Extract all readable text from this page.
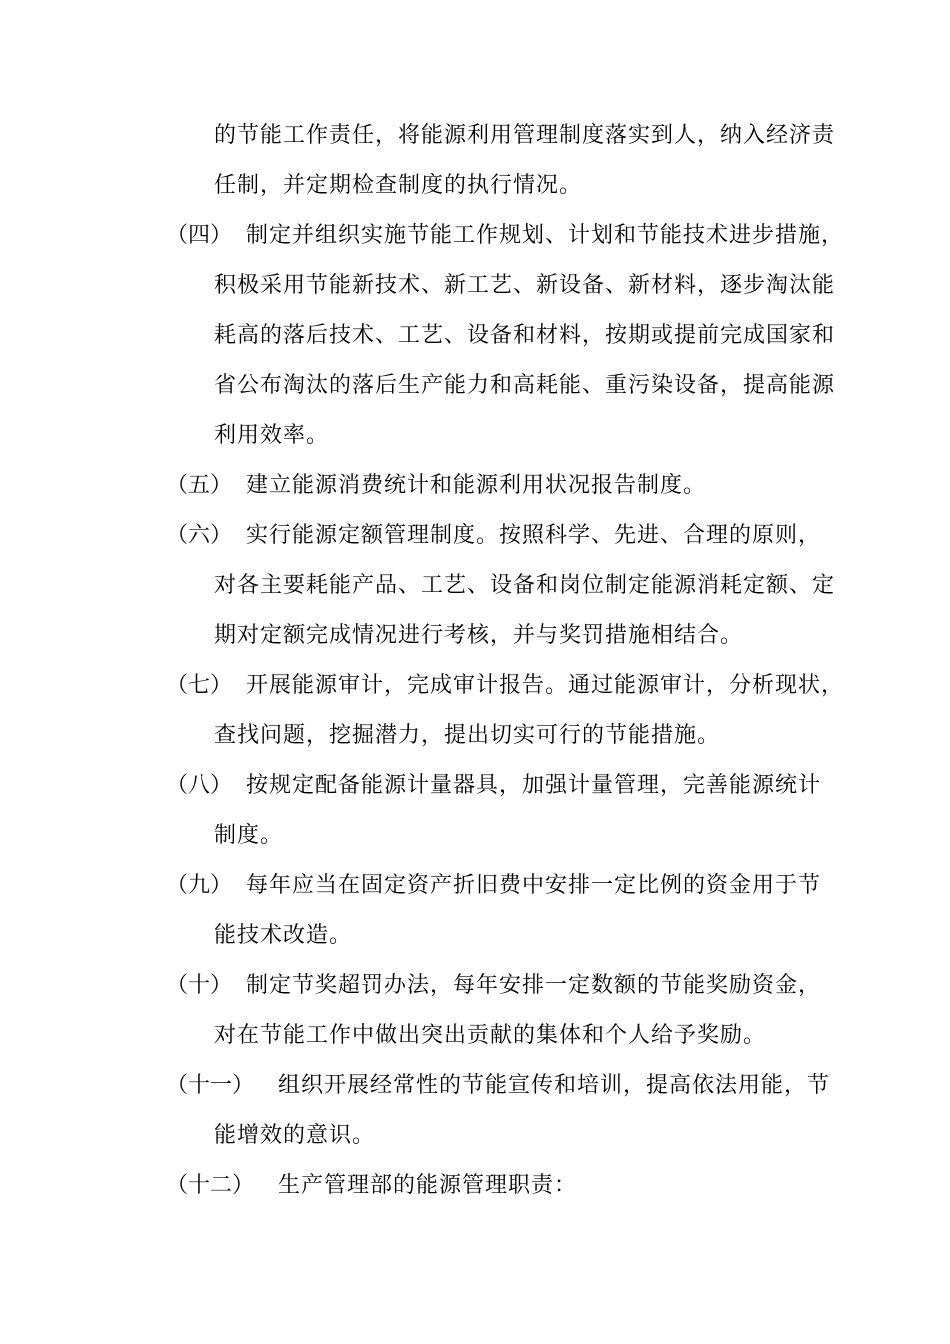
的节能工作责任，将能源利用管理制度落实到人，纳入经济责
任制，并定期检查制度的执行情况。
（四） 制定并组织实施节能工作规划、计划和节能技术进步措施，
积极采用节能新技术、新工艺、新设备、新材料，逐步淘汰能
耗高的落后技术、工艺、设备和材料，按期或提前完成国家和
省公布淘汰的落后生产能力和高耗能、重污染设备，提高能源
利用效率。
（五） 建立能源消费统计和能源利用状况报告制度。
（六） 实行能源定额管理制度。按照科学、先进、合理的原则，
对各主要耗能产品、工艺、设备和岗位制定能源消耗定额、定
期对定额完成情况进行考核，并与奖罚措施相结合。
（七） 开展能源审计，完成审计报告。通过能源审计，分析现状，
查找问题，挖掘潜力，提出切实可行的节能措施。
（八） 按规定配备能源计量器具，加强计量管理，完善能源统计
制度。
（九） 每年应当在固定资产折旧费中安排一定比例的资金用于节
能技术改造。
（十） 制定节奖超罚办法，每年安排一定数额的节能奖励资金，
对在节能工作中做出突出贡献的集体和个人给予奖励。
（十一） 组织开展经常性的节能宣传和培训，提高依法用能，节
能增效的意识。
（十二） 生产管理部的能源管理职责：
